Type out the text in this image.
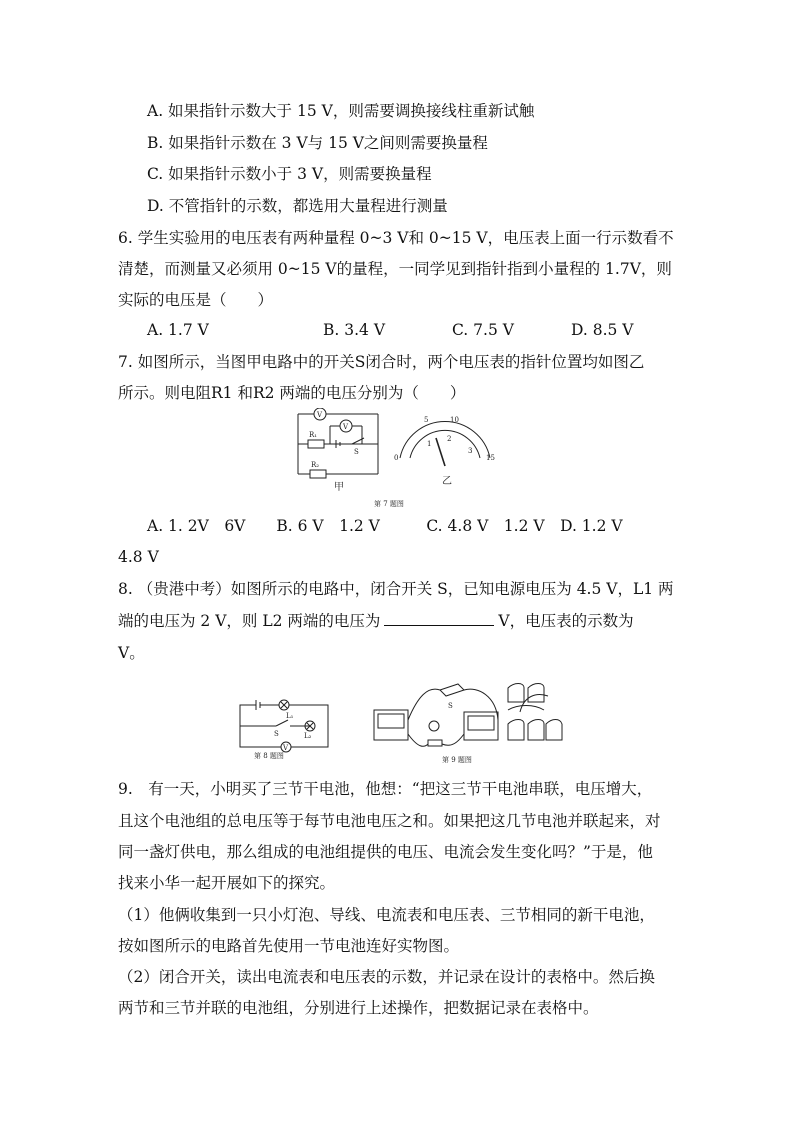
A. 如果指针示数大于 15 V，则需要调换接线柱重新试触
B. 如果指针示数在 3 V与 15 V之间则需要换量程
C. 如果指针示数小于 3 V，则需要换量程
D. 不管指针的示数，都选用大量程进行测量
6. 学生实验用的电压表有两种量程 0~3 V和 0~15 V，电压表上面一行示数看不
清楚，而测量又必须用 0~15 V的量程，一同学见到指针指到小量程的 1.7V，则
实际的电压是（　　）
A. 1.7 V	B. 3.4 V	C. 7.5 V	D. 8.5 V
7. 如图所示，当图甲电路中的开关S闭合时，两个电压表的指针位置均如图乙
所示。则电阻R1 和R2 两端的电压分别为（　　）
V
V
R₁
R₂
S
5	10
0	15
1
2
3
甲
乙
第 7 题图
A. 1. 2V　6V　　B. 6 V　1.2 V　　　C. 4.8 V　1.2 V　D. 1.2 V
4.8 V
8. （贵港中考）如图所示的电路中，闭合开关 S，已知电源电压为 4.5 V，L1 两
端的电压为 2 V，则 L2 两端的电压为	V，电压表的示数为
V。
L₁
L₂
S
V
第 8 题图
S
第 9 题图
9.　有一天，小明买了三节干电池，他想：“把这三节干电池串联，电压增大，
且这个电池组的总电压等于每节电池电压之和。如果把这几节电池并联起来，对
同一盏灯供电，那么组成的电池组提供的电压、电流会发生变化吗？”于是，他
找来小华一起开展如下的探究。
（1）他俩收集到一只小灯泡、导线、电流表和电压表、三节相同的新干电池，
按如图所示的电路首先使用一节电池连好实物图。
（2）闭合开关，读出电流表和电压表的示数，并记录在设计的表格中。然后换
两节和三节并联的电池组，分别进行上述操作，把数据记录在表格中。
